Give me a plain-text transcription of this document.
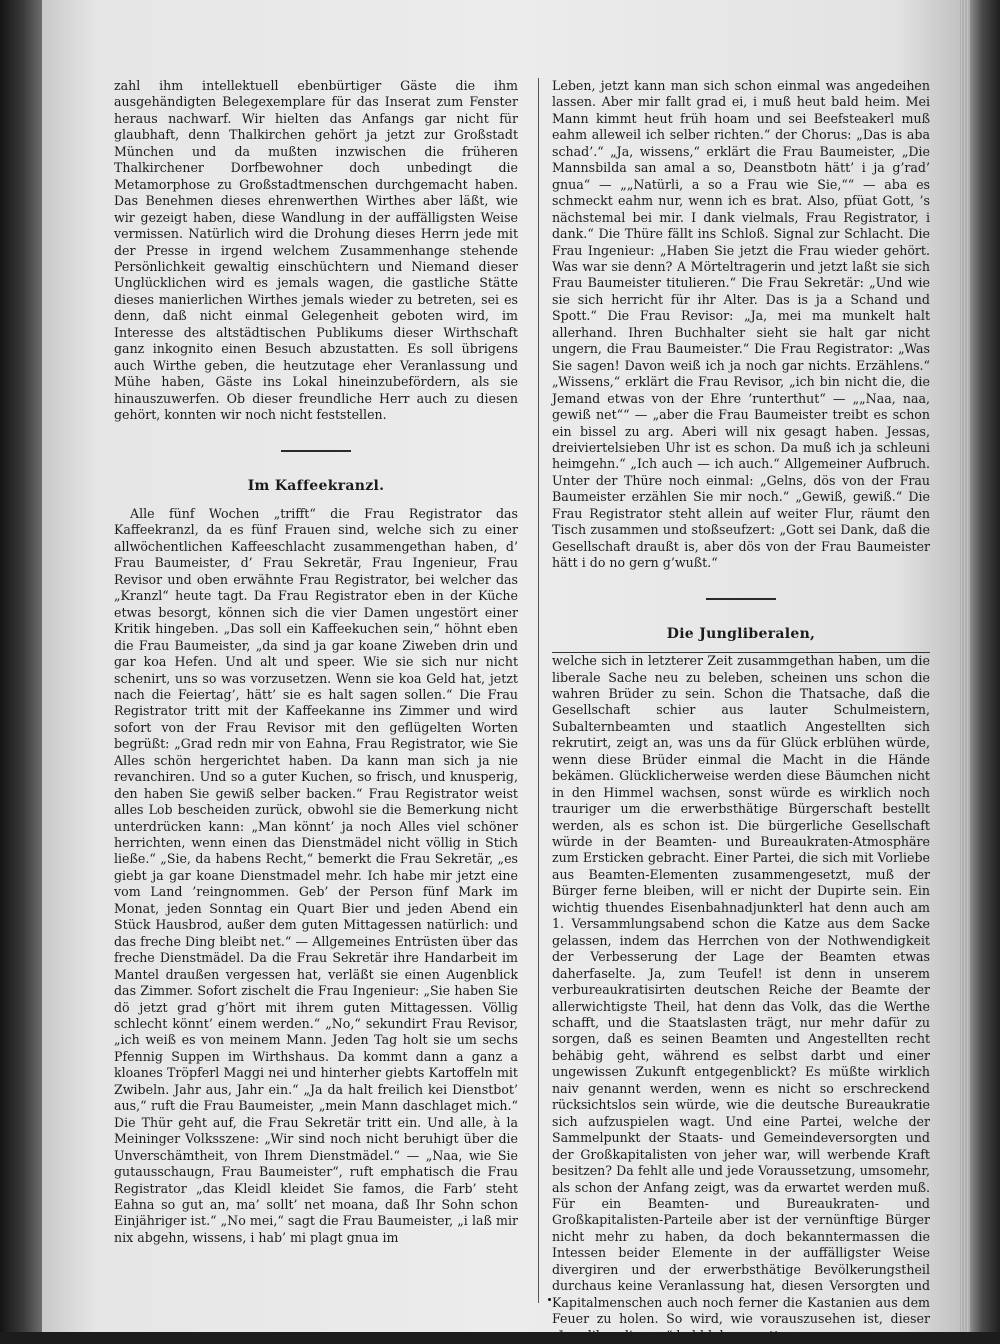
zahl ihm intellektuell ebenbürtiger Gäste die ihm ausgehändigten Belegexemplare für das Inserat zum Fenster heraus nachwarf. Wir hielten das Anfangs gar nicht für glaubhaft, denn Thalkirchen gehört ja jetzt zur Großstadt München und da mußten inzwischen die früheren Thalkirchener Dorfbewohner doch unbedingt die Metamorphose zu Großstadtmenschen durchgemacht haben. Das Benehmen dieses ehrenwerthen Wirthes aber läßt, wie wir gezeigt haben, diese Wandlung in der auffälligsten Weise vermissen. Natürlich wird die Drohung dieses Herrn jede mit der Presse in irgend welchem Zusammenhange stehende Persönlichkeit gewaltig einschüchtern und Niemand dieser Unglücklichen wird es jemals wagen, die gastliche Stätte dieses manierlichen Wirthes jemals wieder zu betreten, sei es denn, daß nicht einmal Gelegenheit geboten wird, im Interesse des altstädtischen Publikums dieser Wirthschaft ganz inkognito einen Besuch abzustatten. Es soll übrigens auch Wirthe geben, die heutzutage eher Veranlassung und Mühe haben, Gäste ins Lokal hineinzubefördern, als sie hinauszuwerfen. Ob dieser freundliche Herr auch zu diesen gehört, konnten wir noch nicht feststellen.

Im Kaffeekranzl.

Alle fünf Wochen „trifft“ die Frau Registrator das Kaffeekranzl, da es fünf Frauen sind, welche sich zu einer allwöchentlichen Kaffeeschlacht zusammengethan haben, d’ Frau Baumeister, d’ Frau Sekretär, Frau Ingenieur, Frau Revisor und oben erwähnte Frau Registrator, bei welcher das „Kranzl“ heute tagt. Da Frau Registrator eben in der Küche etwas besorgt, können sich die vier Damen ungestört einer Kritik hingeben. „Das soll ein Kaffeekuchen sein,“ höhnt eben die Frau Baumeister, „da sind ja gar koane Ziweben drin und gar koa Hefen. Und alt und speer. Wie sie sich nur nicht schenirt, uns so was vorzusetzen. Wenn sie koa Geld hat, jetzt nach die Feiertag’, hätt’ sie es halt sagen sollen.“ Die Frau Registrator tritt mit der Kaffeekanne ins Zimmer und wird sofort von der Frau Revisor mit den geflügelten Worten begrüßt: „Grad redn mir von Eahna, Frau Registrator, wie Sie Alles schön hergerichtet haben. Da kann man sich ja nie revanchiren. Und so a guter Kuchen, so frisch, und knusperig, den haben Sie gewiß selber backen.“ Frau Registrator weist alles Lob bescheiden zurück, obwohl sie die Bemerkung nicht unterdrücken kann: „Man könnt’ ja noch Alles viel schöner herrichten, wenn einen das Dienstmädel nicht völlig in Stich ließe.“ „Sie, da habens Recht,“ bemerkt die Frau Sekretär, „es giebt ja gar koane Dienstmadel mehr. Ich habe mir jetzt eine vom Land ’reingnommen. Geb’ der Person fünf Mark im Monat, jeden Sonntag ein Quart Bier und jeden Abend ein Stück Hausbrod, außer dem guten Mittagessen natürlich: und das freche Ding bleibt net.“ — Allgemeines Entrüsten über das freche Dienstmädel. Da die Frau Sekretär ihre Handarbeit im Mantel draußen vergessen hat, verläßt sie einen Augenblick das Zimmer. Sofort zischelt die Frau Ingenieur: „Sie haben Sie dö jetzt grad g’hört mit ihrem guten Mittagessen. Völlig schlecht könnt’ einem werden.“ „No,“ sekundirt Frau Revisor, „ich weiß es von meinem Mann. Jeden Tag holt sie um sechs Pfennig Suppen im Wirthshaus. Da kommt dann a ganz a kloanes Tröpferl Maggi nei und hinterher giebts Kartoffeln mit Zwibeln. Jahr aus, Jahr ein.“ „Ja da halt freilich kei Dienstbot’ aus,“ ruft die Frau Baumeister, „mein Mann daschlaget mich.“ Die Thür geht auf, die Frau Sekretär tritt ein. Und alle, à la Meininger Volksszene: „Wir sind noch nicht beruhigt über die Unverschämtheit, von Ihrem Dienstmädel.“ — „Naa, wie Sie gutausschaugn, Frau Baumeister“, ruft emphatisch die Frau Registrator „das Kleidl kleidet Sie famos, die Farb’ steht Eahna so gut an, ma’ sollt’ net moana, daß Ihr Sohn schon Einjähriger ist.“ „No mei,“ sagt die Frau Baumeister, „i laß mir nix abgehn, wissens, i hab’ mi plagt gnua im

Leben, jetzt kann man sich schon einmal was angedeihen lassen. Aber mir fallt grad ei, i muß heut bald heim. Mei Mann kimmt heut früh hoam und sei Beefsteakerl muß eahm alleweil ich selber richten.“ der Chorus: „Das is aba schad’.“ „Ja, wissens,“ erklärt die Frau Baumeister, „Die Mannsbilda san amal a so, Deanstbotn hätt’ i ja g’rad’ gnua“ — „„Natürli, a so a Frau wie Sie,““ — aba es schmeckt eahm nur, wenn ich es brat. Also, pfüat Gott, ’s nächstemal bei mir. I dank vielmals, Frau Registrator, i dank.“ Die Thüre fällt ins Schloß. Signal zur Schlacht. Die Frau Ingenieur: „Haben Sie jetzt die Frau wieder gehört. Was war sie denn? A Mörteltragerin und jetzt laßt sie sich Frau Baumeister titulieren.“ Die Frau Sekretär: „Und wie sie sich herricht für ihr Alter. Das is ja a Schand und Spott.“ Die Frau Revisor: „Ja, mei ma munkelt halt allerhand. Ihren Buchhalter sieht sie halt gar nicht ungern, die Frau Baumeister.“ Die Frau Registrator: „Was Sie sagen! Davon weiß ich ja noch gar nichts. Erzählens.“ „Wissens,“ erklärt die Frau Revisor, „ich bin nicht die, die Jemand etwas von der Ehre ’runterthut“ — „„Naa, naa, gewiß net““ — „aber die Frau Baumeister treibt es schon ein bissel zu arg. Aberi will nix gesagt haben. Jessas, dreiviertelsieben Uhr ist es schon. Da muß ich ja schleuni heimgehn.“ „Ich auch — ich auch.“ Allgemeiner Aufbruch. Unter der Thüre noch einmal: „Gelns, dös von der Frau Baumeister erzählen Sie mir noch.“ „Gewiß, gewiß.“ Die Frau Registrator steht allein auf weiter Flur, räumt den Tisch zusammen und stoßseufzert: „Gott sei Dank, daß die Gesellschaft draußt is, aber dös von der Frau Baumeister hätt i do no gern g’wußt.“

Die Jungliberalen,

welche sich in letzterer Zeit zusammgethan haben, um die liberale Sache neu zu beleben, scheinen uns schon die wahren Brüder zu sein. Schon die Thatsache, daß die Gesellschaft schier aus lauter Schulmeistern, Subalternbeamten und staatlich Angestellten sich rekrutirt, zeigt an, was uns da für Glück erblühen würde, wenn diese Brüder einmal die Macht in die Hände bekämen. Glücklicherweise werden diese Bäumchen nicht in den Himmel wachsen, sonst würde es wirklich noch trauriger um die erwerbsthätige Bürgerschaft bestellt werden, als es schon ist. Die bürgerliche Gesellschaft würde in der Beamten- und Bureaukraten-Atmosphäre zum Ersticken gebracht. Einer Partei, die sich mit Vorliebe aus Beamten-Elementen zusammengesetzt, muß der Bürger ferne bleiben, will er nicht der Dupirte sein. Ein wichtig thuendes Eisenbahnadjunkterl hat denn auch am 1. Versammlungsabend schon die Katze aus dem Sacke gelassen, indem das Herrchen von der Nothwendigkeit der Verbesserung der Lage der Beamten etwas daherfaselte. Ja, zum Teufel! ist denn in unserem verbureaukratisirten deutschen Reiche der Beamte der allerwichtigste Theil, hat denn das Volk, das die Werthe schafft, und die Staatslasten trägt, nur mehr dafür zu sorgen, daß es seinen Beamten und Angestellten recht behäbig geht, während es selbst darbt und einer ungewissen Zukunft entgegenblickt? Es müßte wirklich naiv genannt werden, wenn es nicht so erschreckend rücksichtslos sein würde, wie die deutsche Bureaukratie sich aufzuspielen wagt. Und eine Partei, welche der Sammelpunkt der Staats- und Gemeindeversorgten und der Großkapitalisten von jeher war, will werbende Kraft besitzen? Da fehlt alle und jede Voraussetzung, umsomehr, als schon der Anfang zeigt, was da erwartet werden muß. Für ein Beamten- und Bureaukraten- und Großkapitalisten-Parteile aber ist der vernünftige Bürger nicht mehr zu haben, da doch bekanntermassen die Intessen beider Elemente in der auffälligster Weise divergiren und der erwerbsthätige Bevölkerungstheil durchaus keine Veranlassung hat, diesen Versorgten und Kapitalmenschen auch noch ferner die Kastanien aus dem Feuer zu holen. So wird, wie vorauszusehen ist, dieser „Jungliberalismus“ bald lebensmatter
